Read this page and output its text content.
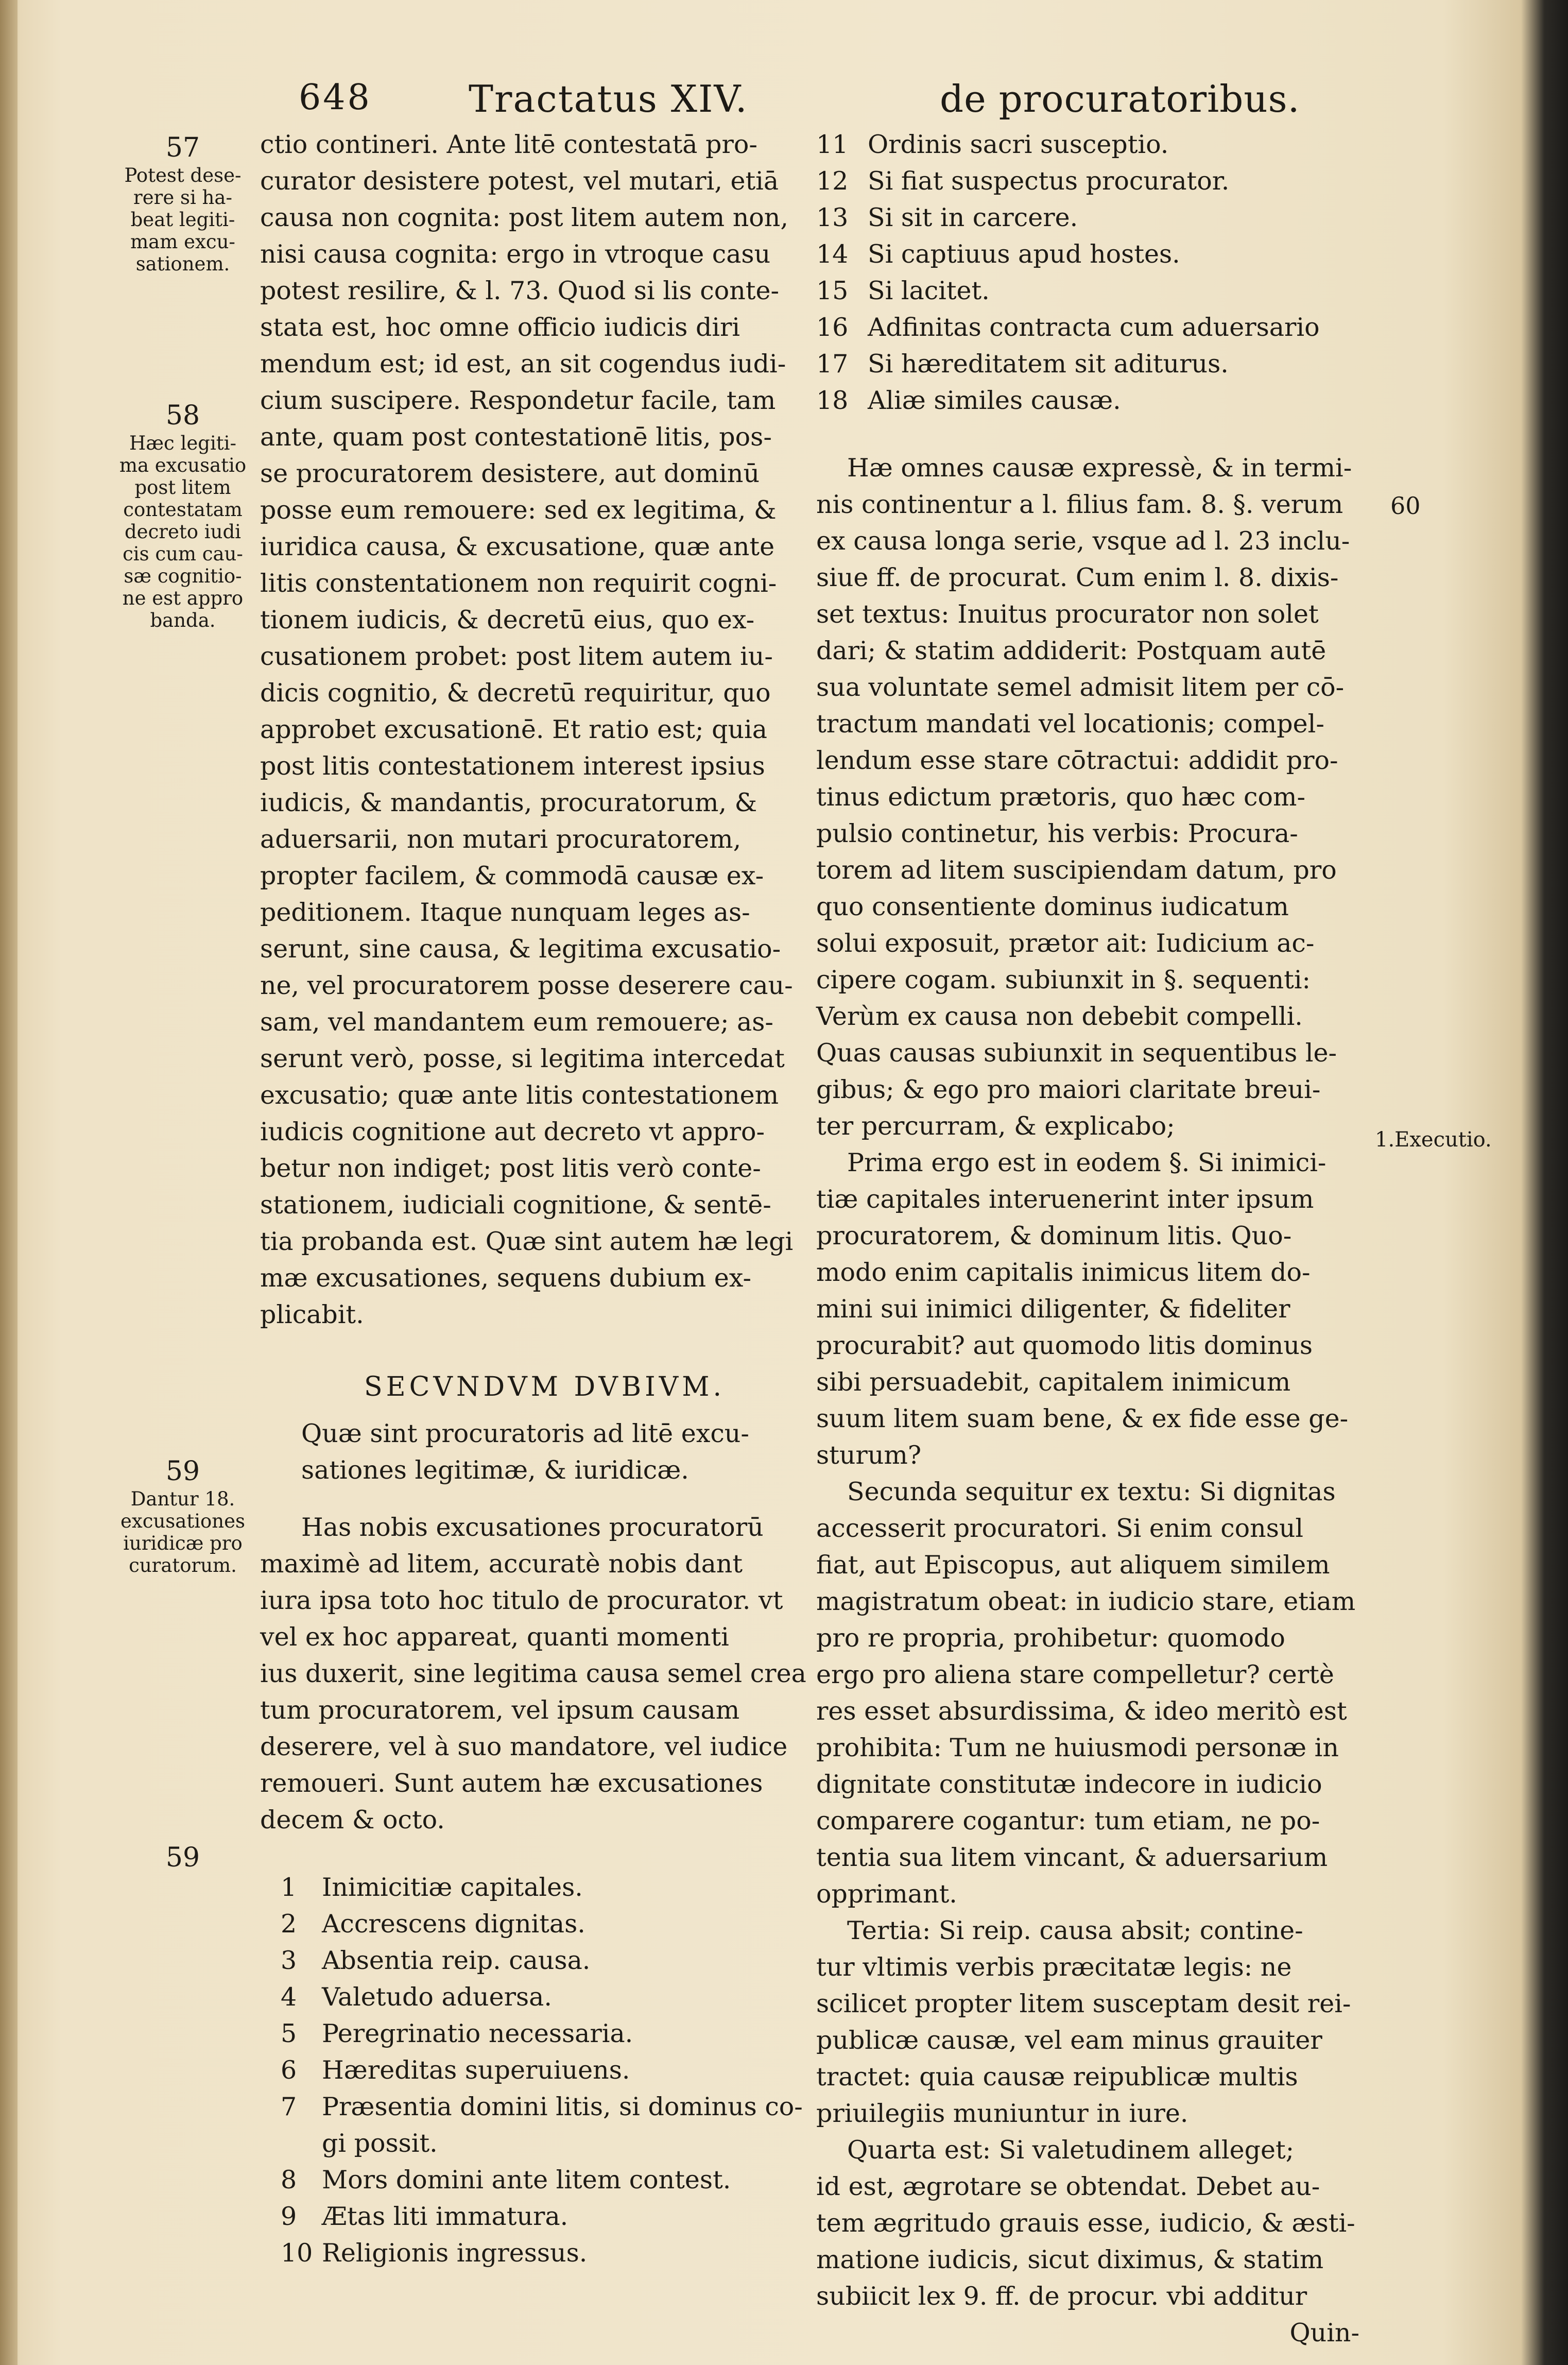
648	Tractatus XIV.	de procuratoribus.
57
Potest dese-
rere si ha-
beat legiti-
mam excu-
sationem.
58
Hæc legiti-
ma excusatio
post litem
contestatam
decreto iudi
cis cum cau-
sæ cognitio-
ne est appro
banda.
59
Dantur 18.
excusationes
iuridicæ pro
curatorum.
59
60
1.Executio.
ctio contineri. Ante litē contestatā pro-
curator desistere potest, vel mutari, etiā
causa non cognita: post litem autem non,
nisi causa cognita: ergo in vtroque casu
potest resilire, & l. 73. Quod si lis conte-
stata est, hoc omne officio iudicis diri
mendum est; id est, an sit cogendus iudi-
cium suscipere. Respondetur facile, tam
ante, quam post contestationē litis, pos-
se procuratorem desistere, aut dominū
posse eum remouere: sed ex legitima, &
iuridica causa, & excusatione, quæ ante
litis constentationem non requirit cogni-
tionem iudicis, & decretū eius, quo ex-
cusationem probet: post litem autem iu-
dicis cognitio, & decretū requiritur, quo
approbet excusationē. Et ratio est; quia
post litis contestationem interest ipsius
iudicis, & mandantis, procuratorum, &
aduersarii, non mutari procuratorem,
propter facilem, & commodā causæ ex-
peditionem. Itaque nunquam leges as-
serunt, sine causa, & legitima excusatio-
ne, vel procuratorem posse deserere cau-
sam, vel mandantem eum remouere; as-
serunt verò, posse, si legitima intercedat
excusatio; quæ ante litis contestationem
iudicis cognitione aut decreto vt appro-
betur non indiget; post litis verò conte-
stationem, iudiciali cognitione, & sentē-
tia probanda est. Quæ sint autem hæ legi
mæ excusationes, sequens dubium ex-
plicabit.
SECVNDVM DVBIVM.
Quæ sint procuratoris ad litē excu-
sationes legitimæ, & iuridicæ.
Has nobis excusationes procuratorū
maximè ad litem, accuratè nobis dant
iura ipsa toto hoc titulo de procurator. vt
vel ex hoc appareat, quanti momenti
ius duxerit, sine legitima causa semel crea
tum procuratorem, vel ipsum causam
deserere, vel à suo mandatore, vel iudice
remoueri. Sunt autem hæ excusationes
decem & octo.
1 Inimicitiæ capitales.
2 Accrescens dignitas.
3 Absentia reip. causa.
4 Valetudo aduersa.
5 Peregrinatio necessaria.
6 Hæreditas superuiuens.
7 Præsentia domini litis, si dominus co-
gi possit.
8 Mors domini ante litem contest.
9 Ætas liti immatura.
10 Religionis ingressus.
11 Ordinis sacri susceptio.
12 Si fiat suspectus procurator.
13 Si sit in carcere.
14 Si captiuus apud hostes.
15 Si lacitet.
16 Adfinitas contracta cum aduersario
17 Si hæreditatem sit aditurus.
18 Aliæ similes causæ.
Hæ omnes causæ expressè, & in termi-
nis continentur a l. filius fam. 8. §. verum
ex causa longa serie, vsque ad l. 23 inclu-
siue ff. de procurat. Cum enim l. 8. dixis-
set textus: Inuitus procurator non solet
dari; & statim addiderit: Postquam autē
sua voluntate semel admisit litem per cō-
tractum mandati vel locationis; compel-
lendum esse stare cōtractui: addidit pro-
tinus edictum prætoris, quo hæc com-
pulsio continetur, his verbis: Procura-
torem ad litem suscipiendam datum, pro
quo consentiente dominus iudicatum
solui exposuit, prætor ait: Iudicium ac-
cipere cogam. subiunxit in §. sequenti:
Verùm ex causa non debebit compelli.
Quas causas subiunxit in sequentibus le-
gibus; & ego pro maiori claritate breui-
ter percurram, & explicabo;
Prima ergo est in eodem §. Si inimici-
tiæ capitales interuenerint inter ipsum
procuratorem, & dominum litis. Quo-
modo enim capitalis inimicus litem do-
mini sui inimici diligenter, & fideliter
procurabit? aut quomodo litis dominus
sibi persuadebit, capitalem inimicum
suum litem suam bene, & ex fide esse ge-
sturum?
Secunda sequitur ex textu: Si dignitas
accesserit procuratori. Si enim consul
fiat, aut Episcopus, aut aliquem similem
magistratum obeat: in iudicio stare, etiam
pro re propria, prohibetur: quomodo
ergo pro aliena stare compelletur? certè
res esset absurdissima, & ideo meritò est
prohibita: Tum ne huiusmodi personæ in
dignitate constitutæ indecore in iudicio
comparere cogantur: tum etiam, ne po-
tentia sua litem vincant, & aduersarium
opprimant.
Tertia: Si reip. causa absit; contine-
tur vltimis verbis præcitatæ legis: ne
scilicet propter litem susceptam desit rei-
publicæ causæ, vel eam minus grauiter
tractet: quia causæ reipublicæ multis
priuilegiis muniuntur in iure.
Quarta est: Si valetudinem alleget;
id est, ægrotare se obtendat. Debet au-
tem ægritudo grauis esse, iudicio, & æsti-
matione iudicis, sicut diximus, & statim
subiicit lex 9. ff. de procur. vbi additur
Quin-
